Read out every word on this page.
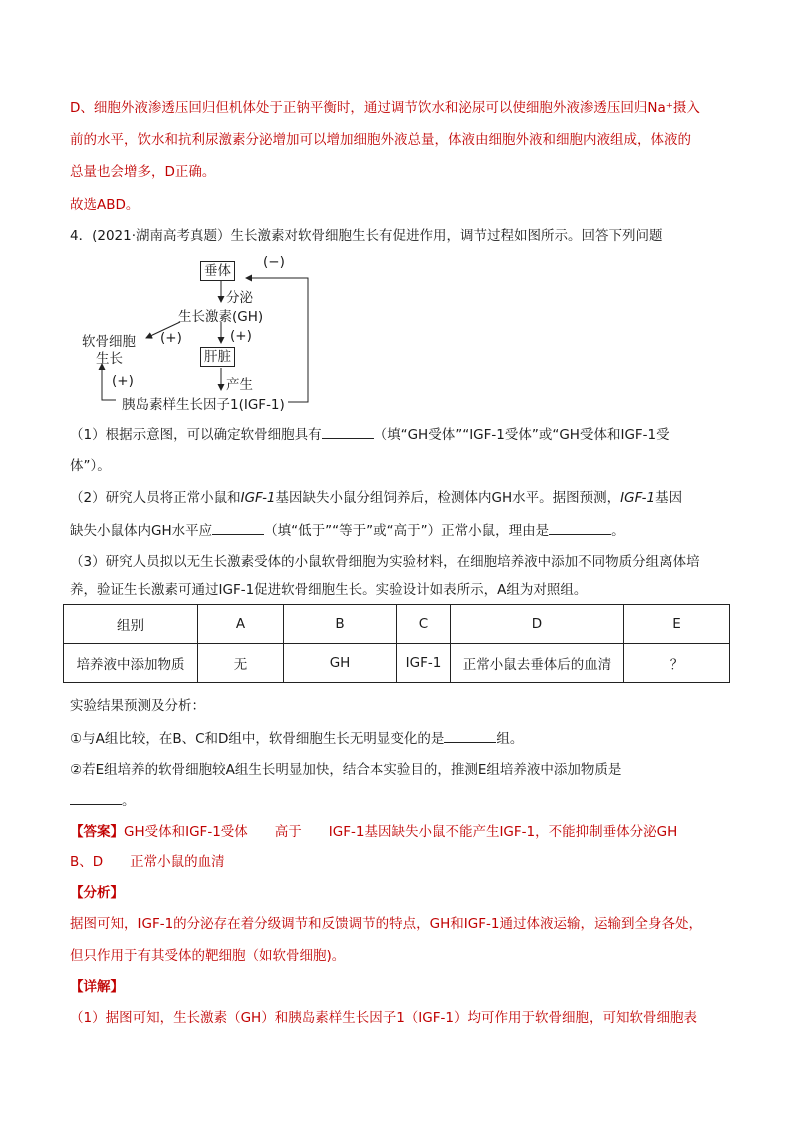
D、细胞外液渗透压回归但机体处于正钠平衡时，通过调节饮水和泌尿可以使细胞外液渗透压回归Na⁺摄入
前的水平，饮水和抗利尿激素分泌增加可以增加细胞外液总量，体液由细胞外液和细胞内液组成，体液的
总量也会增多，D正确。
故选ABD。
4．(2021·湖南高考真题）生长激素对软骨细胞生长有促进作用，调节过程如图所示。回答下列问题
垂体
(−)
分泌
生长激素(GH)
(+)
软骨细胞 (+)
生长	肝脏
产生
(+)
胰岛素样生长因子1(IGF-1)
（1）根据示意图，可以确定软骨细胞具有	（填“GH受体”“IGF-1受体”或“GH受体和IGF-1受
体”）。
（2）研究人员将正常小鼠和IGF-1基因缺失小鼠分组饲养后，检测体内GH水平。据图预测，IGF-1基因
缺失小鼠体内GH水平应	（填“低于”“等于”或“高于”）正常小鼠，理由是	。
（3）研究人员拟以无生长激素受体的小鼠软骨细胞为实验材料，在细胞培养液中添加不同物质分组离体培
养，验证生长激素可通过IGF-1促进软骨细胞生长。实验设计如表所示，A组为对照组。
组别	A	B	C	D	E
培养液中添加物质	无	GH	IGF-1	正常小鼠去垂体后的血清	？
实验结果预测及分析：
①与A组比较，在B、C和D组中，软骨细胞生长无明显变化的是	组。
②若E组培养的软骨细胞较A组生长明显加快，结合本实验目的，推测E组培养液中添加物质是
。
【答案】GH受体和IGF-1受体　　高于　　IGF-1基因缺失小鼠不能产生IGF-1，不能抑制垂体分泌GH
B、D　　正常小鼠的血清
【分析】
据图可知，IGF-1的分泌存在着分级调节和反馈调节的特点，GH和IGF-1通过体液运输，运输到全身各处，
但只作用于有其受体的靶细胞（如软骨细胞)。
【详解】
（1）据图可知，生长激素（GH）和胰岛素样生长因子1（IGF-1）均可作用于软骨细胞，可知软骨细胞表
